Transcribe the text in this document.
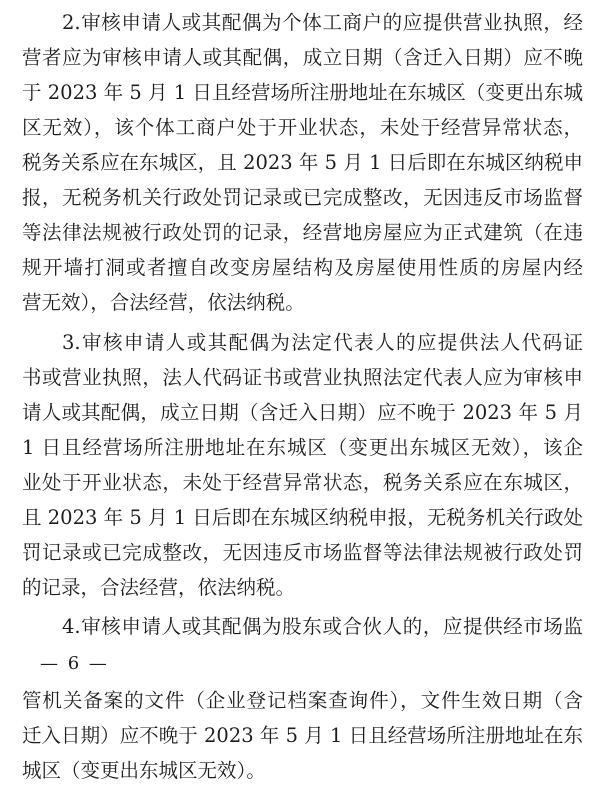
2.审核申请人或其配偶为个体工商户的应提供营业执照，经
营者应为审核申请人或其配偶，成立日期（含迁入日期）应不晚
于 2023 年 5 月 1 日且经营场所注册地址在东城区（变更出东城
区无效），该个体工商户处于开业状态，未处于经营异常状态，
税务关系应在东城区，且 2023 年 5 月 1 日后即在东城区纳税申
报，无税务机关行政处罚记录或已完成整改，无因违反市场监督
等法律法规被行政处罚的记录，经营地房屋应为正式建筑（在违
规开墙打洞或者擅自改变房屋结构及房屋使用性质的房屋内经
营无效），合法经营，依法纳税。
3.审核申请人或其配偶为法定代表人的应提供法人代码证
书或营业执照，法人代码证书或营业执照法定代表人应为审核申
请人或其配偶，成立日期（含迁入日期）应不晚于 2023 年 5 月
1 日且经营场所注册地址在东城区（变更出东城区无效），该企
业处于开业状态，未处于经营异常状态，税务关系应在东城区，
且 2023 年 5 月 1 日后即在东城区纳税申报，无税务机关行政处
罚记录或已完成整改，无因违反市场监督等法律法规被行政处罚
的记录，合法经营，依法纳税。
4.审核申请人或其配偶为股东或合伙人的，应提供经市场监
— 6 —
管机关备案的文件（企业登记档案查询件），文件生效日期（含
迁入日期）应不晚于 2023 年 5 月 1 日且经营场所注册地址在东
城区（变更出东城区无效）。
